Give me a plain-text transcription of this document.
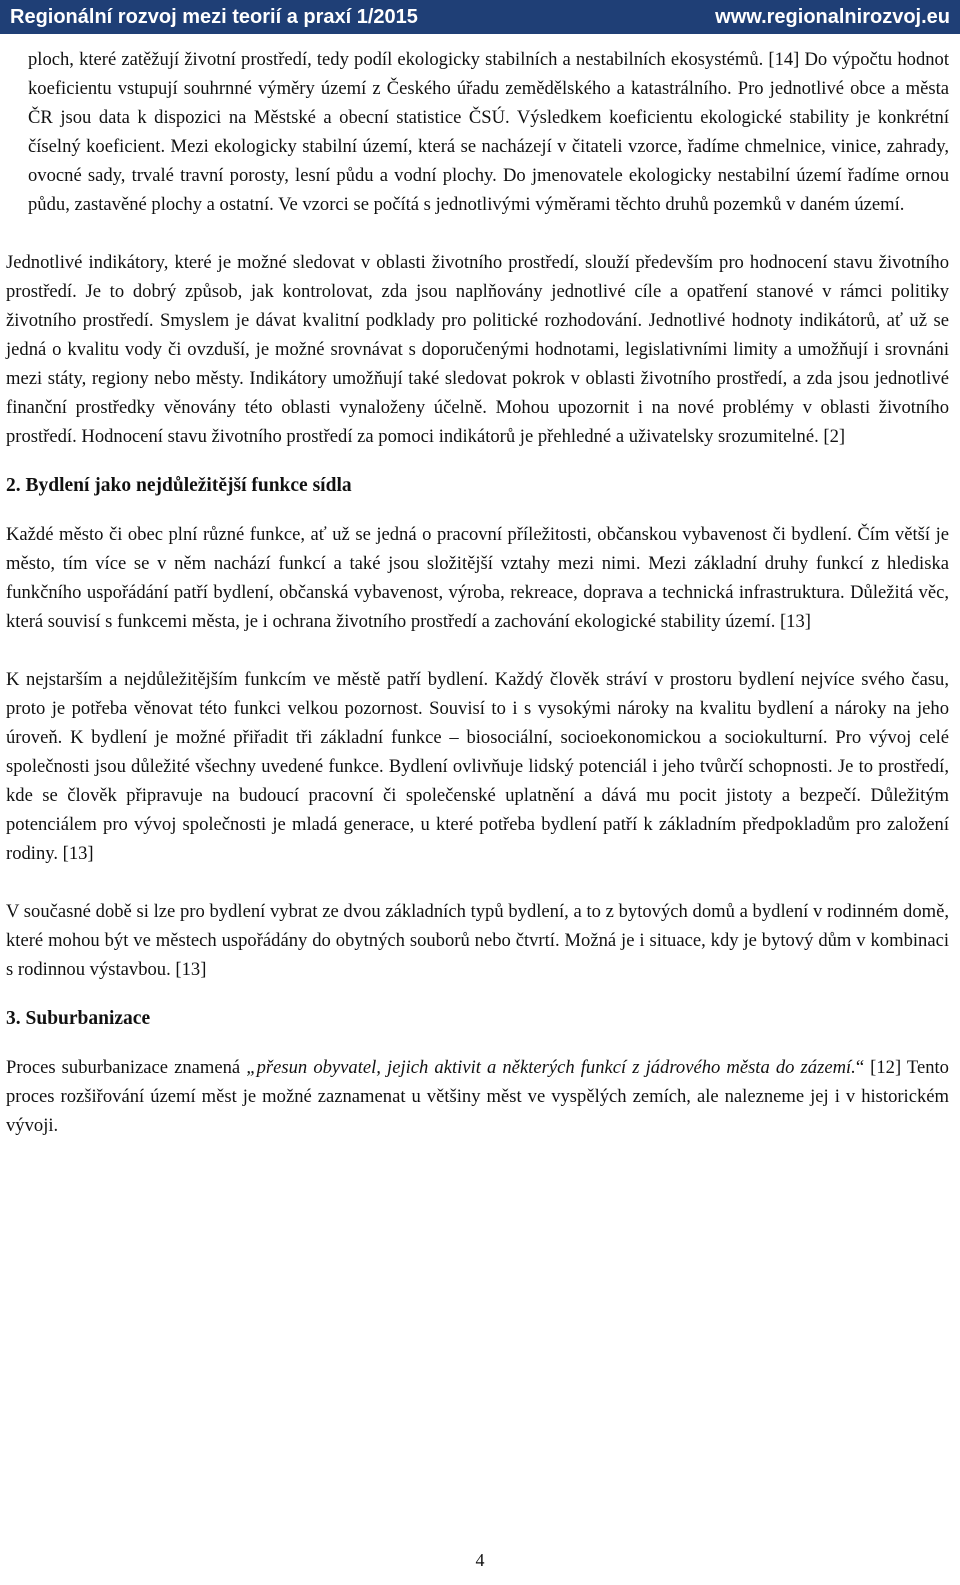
Regionální rozvoj mezi teorií a praxí 1/2015	www.regionalnirozvoj.eu

ploch, které zatěžují životní prostředí, tedy podíl ekologicky stabilních a nestabilních ekosystémů. [14] Do výpočtu hodnot koeficientu vstupují souhrnné výměry území z Českého úřadu zemědělského a katastrálního. Pro jednotlivé obce a města ČR jsou data k dispozici na Městské a obecní statistice ČSÚ. Výsledkem koeficientu ekologické stability je konkrétní číselný koeficient. Mezi ekologicky stabilní území, která se nacházejí v čitateli vzorce, řadíme chmelnice, vinice, zahrady, ovocné sady, trvalé travní porosty, lesní půdu a vodní plochy. Do jmenovatele ekologicky nestabilní území řadíme ornou půdu, zastavěné plochy a ostatní. Ve vzorci se počítá s jednotlivými výměrami těchto druhů pozemků v daném území.

Jednotlivé indikátory, které je možné sledovat v oblasti životního prostředí, slouží především pro hodnocení stavu životního prostředí. Je to dobrý způsob, jak kontrolovat, zda jsou naplňovány jednotlivé cíle a opatření stanové v rámci politiky životního prostředí. Smyslem je dávat kvalitní podklady pro politické rozhodování. Jednotlivé hodnoty indikátorů, ať už se jedná o kvalitu vody či ovzduší, je možné srovnávat s doporučenými hodnotami, legislativními limity a umožňují i srovnáni mezi státy, regiony nebo městy. Indikátory umožňují také sledovat pokrok v oblasti životního prostředí, a zda jsou jednotlivé finanční prostředky věnovány této oblasti vynaloženy účelně. Mohou upozornit i na nové problémy v oblasti životního prostředí. Hodnocení stavu životního prostředí za pomoci indikátorů je přehledné a uživatelsky srozumitelné. [2]

2. Bydlení jako nejdůležitější funkce sídla

Každé město či obec plní různé funkce, ať už se jedná o pracovní příležitosti, občanskou vybavenost či bydlení. Čím větší je město, tím více se v něm nachází funkcí a také jsou složitější vztahy mezi nimi. Mezi základní druhy funkcí z hlediska funkčního uspořádání patří bydlení, občanská vybavenost, výroba, rekreace, doprava a technická infrastruktura. Důležitá věc, která souvisí s funkcemi města, je i ochrana životního prostředí a zachování ekologické stability území. [13]

K nejstarším a nejdůležitějším funkcím ve městě patří bydlení. Každý člověk stráví v prostoru bydlení nejvíce svého času, proto je potřeba věnovat této funkci velkou pozornost. Souvisí to i s vysokými nároky na kvalitu bydlení a nároky na jeho úroveň. K bydlení je možné přiřadit tři základní funkce – biosociální, socioekonomickou a sociokulturní. Pro vývoj celé společnosti jsou důležité všechny uvedené funkce. Bydlení ovlivňuje lidský potenciál i jeho tvůrčí schopnosti. Je to prostředí, kde se člověk připravuje na budoucí pracovní či společenské uplatnění a dává mu pocit jistoty a bezpečí. Důležitým potenciálem pro vývoj společnosti je mladá generace, u které potřeba bydlení patří k základním předpokladům pro založení rodiny. [13]

V současné době si lze pro bydlení vybrat ze dvou základních typů bydlení, a to z bytových domů a bydlení v rodinném domě, které mohou být ve městech uspořádány do obytných souborů nebo čtvrtí. Možná je i situace, kdy je bytový dům v kombinaci s rodinnou výstavbou. [13]

3. Suburbanizace

Proces suburbanizace znamená „přesun obyvatel, jejich aktivit a některých funkcí z jádrového města do zázemí.“ [12] Tento proces rozšiřování území měst je možné zaznamenat u většiny měst ve vyspělých zemích, ale nalezneme jej i v historickém vývoji.

4
